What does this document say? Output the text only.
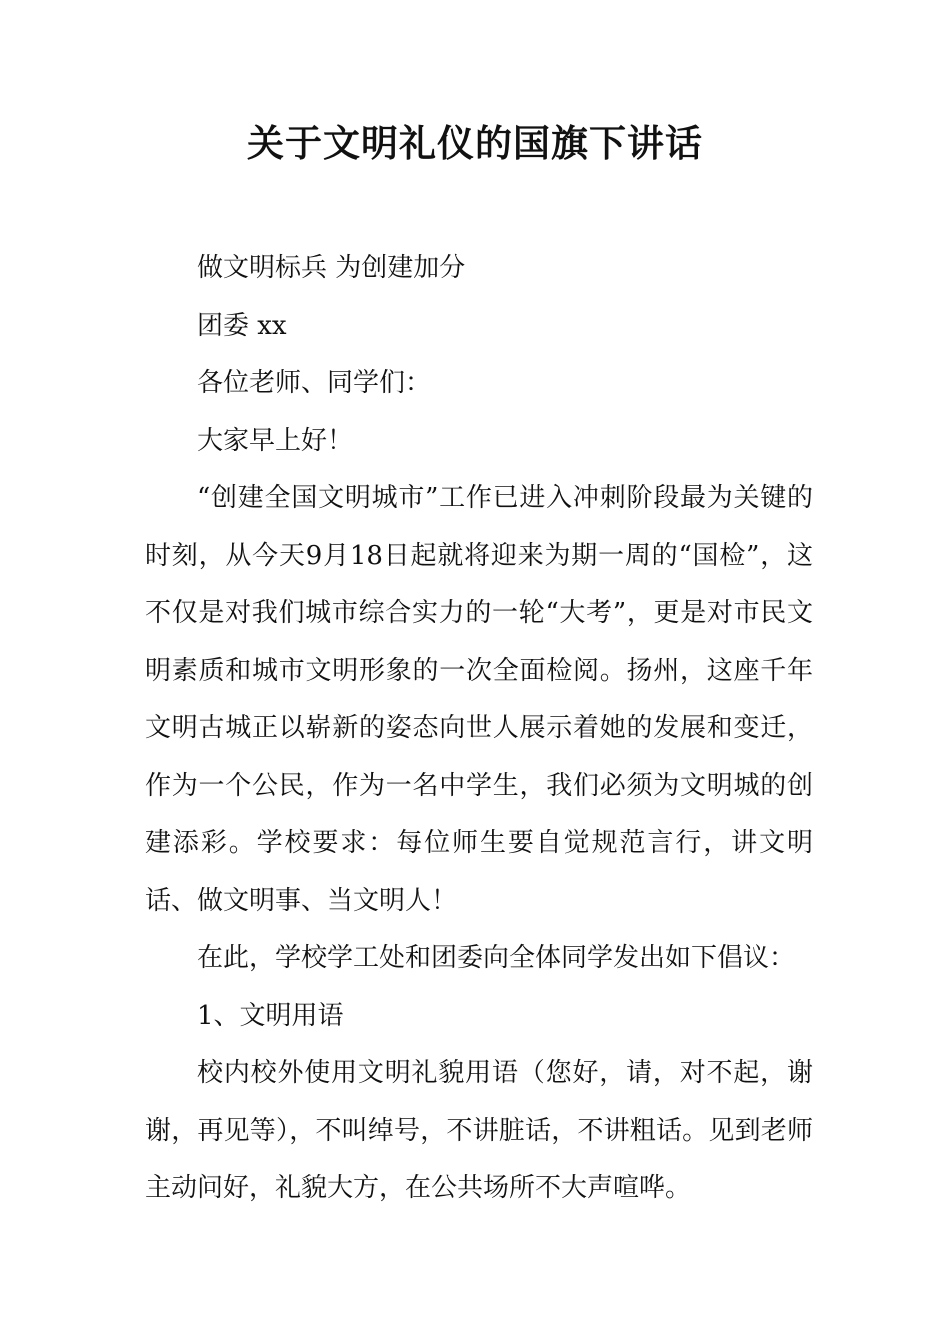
关于文明礼仪的国旗下讲话

做文明标兵 为创建加分

团委 xx

各位老师、同学们：

大家早上好！

“创建全国文明城市”工作已进入冲刺阶段最为关键的时刻，从今天9月18日起就将迎来为期一周的“国检”，这不仅是对我们城市综合实力的一轮“大考”，更是对市民文明素质和城市文明形象的一次全面检阅。扬州，这座千年文明古城正以崭新的姿态向世人展示着她的发展和变迁，作为一个公民，作为一名中学生，我们必须为文明城的创建添彩。学校要求：每位师生要自觉规范言行，讲文明话、做文明事、当文明人！

在此，学校学工处和团委向全体同学发出如下倡议：

1、文明用语

校内校外使用文明礼貌用语（您好，请，对不起，谢谢，再见等），不叫绰号，不讲脏话，不讲粗话。见到老师主动问好，礼貌大方，在公共场所不大声喧哗。
